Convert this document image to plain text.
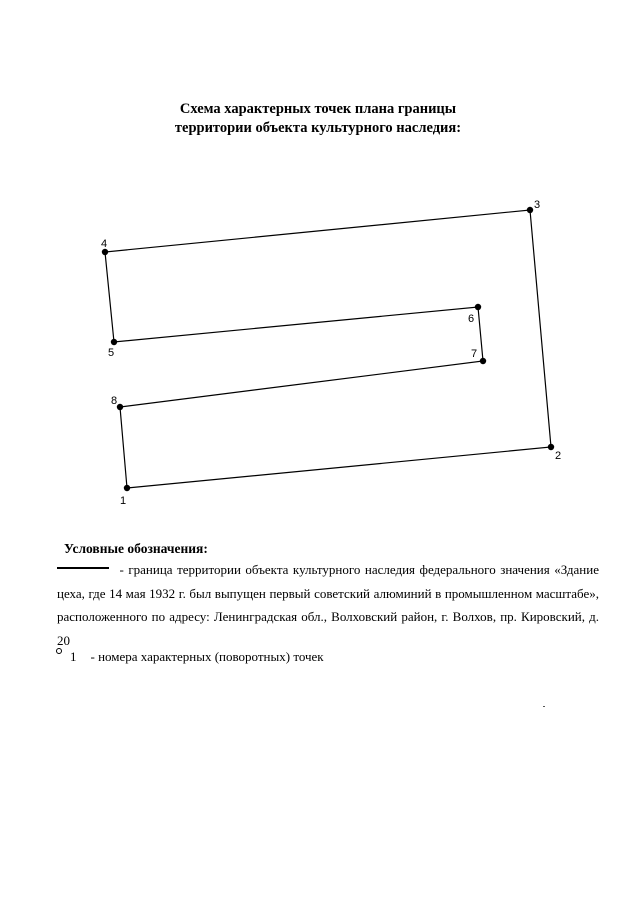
Схема характерных точек плана границы
территории объекта культурного наследия:
1
2
3
4
5
6
7
8

Условные обозначения:

- граница территории объекта культурного наследия федерального значения «Здание цеха, где 14 мая 1932 г. был выпущен первый советский алюминий в промышленном масштабе», расположенного по адресу: Ленинградская обл., Волховский район, г. Волхов, пр. Кировский, д. 20

1 - номера характерных (поворотных) точек
